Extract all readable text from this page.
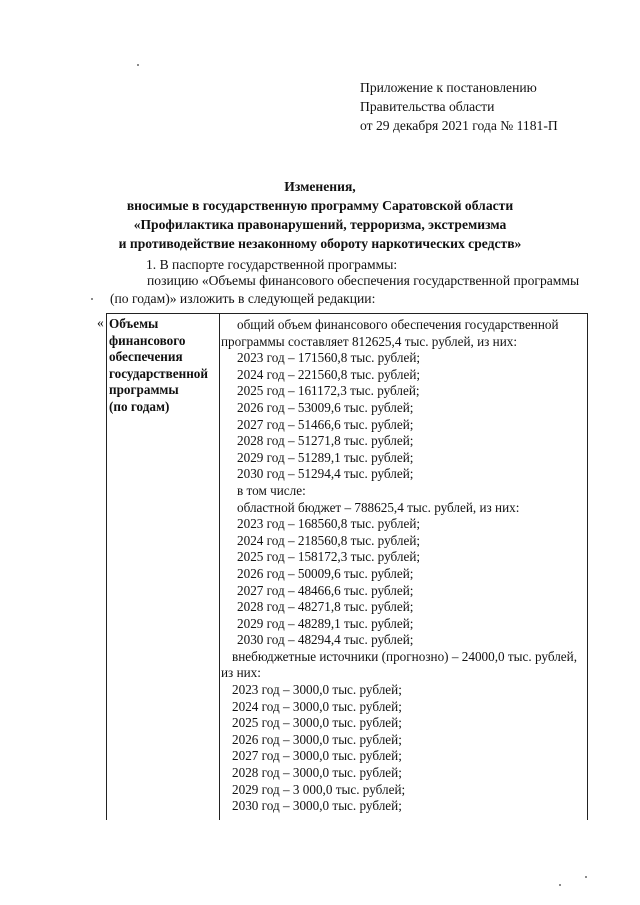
Приложение к постановлению
Правительства области
от 29 декабря 2021 года № 1181-П
Изменения,
вносимые в государственную программу Саратовской области
«Профилактика правонарушений, терроризма, экстремизма
и противодействие незаконному обороту наркотических средств»
1. В паспорте государственной программы:
позицию «Объемы финансового обеспечения государственной программы
(по годам)» изложить в следующей редакции:
« Объемы
финансового
обеспечения
государственной
программы
(по годам)
общий объем финансового обеспечения государственной
программы составляет 812625,4 тыс. рублей, из них:
2023 год – 171560,8 тыс. рублей;
2024 год – 221560,8 тыс. рублей;
2025 год – 161172,3 тыс. рублей;
2026 год – 53009,6 тыс. рублей;
2027 год – 51466,6 тыс. рублей;
2028 год – 51271,8 тыс. рублей;
2029 год – 51289,1 тыс. рублей;
2030 год – 51294,4 тыс. рублей;
в том числе:
областной бюджет – 788625,4 тыс. рублей, из них:
2023 год – 168560,8 тыс. рублей;
2024 год – 218560,8 тыс. рублей;
2025 год – 158172,3 тыс. рублей;
2026 год – 50009,6 тыс. рублей;
2027 год – 48466,6 тыс. рублей;
2028 год – 48271,8 тыс. рублей;
2029 год – 48289,1 тыс. рублей;
2030 год – 48294,4 тыс. рублей;
внебюджетные источники (прогнозно) – 24000,0 тыс. рублей,
из них:
2023 год – 3000,0 тыс. рублей;
2024 год – 3000,0 тыс. рублей;
2025 год – 3000,0 тыс. рублей;
2026 год – 3000,0 тыс. рублей;
2027 год – 3000,0 тыс. рублей;
2028 год – 3000,0 тыс. рублей;
2029 год – 3 000,0 тыс. рублей;
2030 год – 3000,0 тыс. рублей;
